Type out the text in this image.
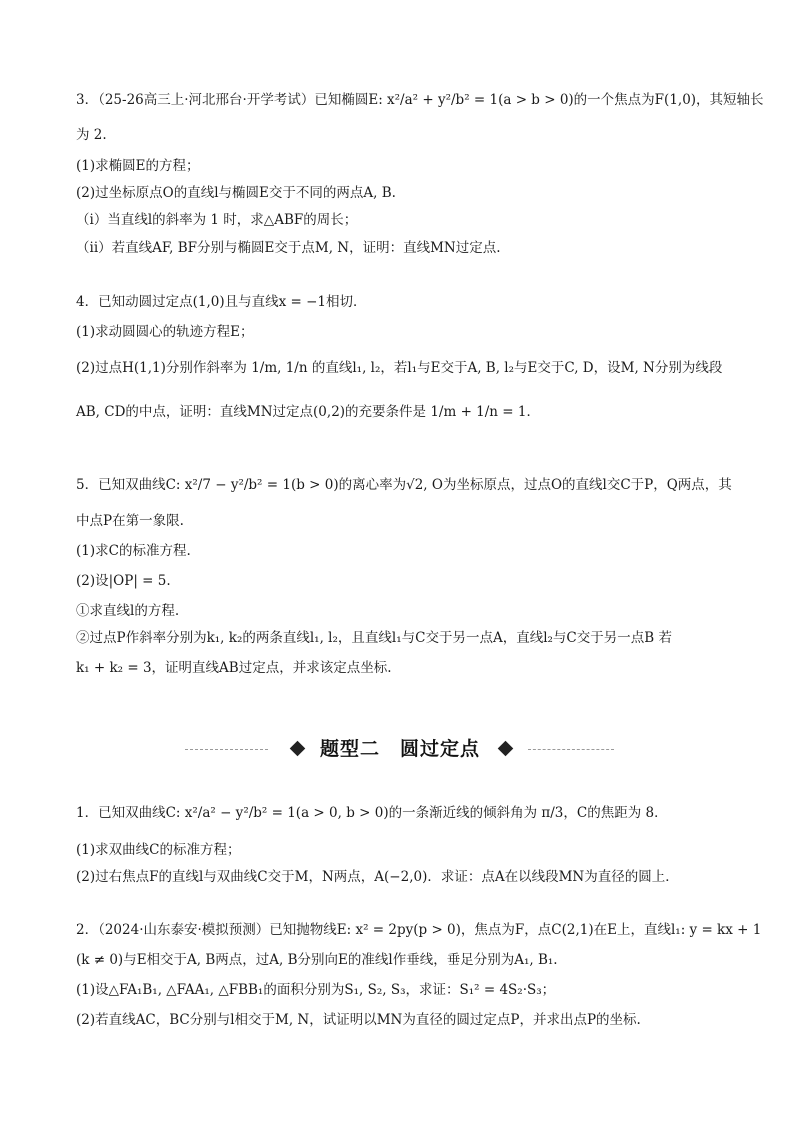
3．（25-26高三上·河北邢台·开学考试）已知椭圆E: x²/a² + y²/b² = 1(a > b > 0)的一个焦点为F(1,0)，其短轴长
为 2.
(1)求椭圆E的方程；
(2)过坐标原点O的直线l与椭圆E交于不同的两点A, B.
（i）当直线l的斜率为 1 时，求△ABF的周长；
（ii）若直线AF, BF分别与椭圆E交于点M, N，证明：直线MN过定点.
4．已知动圆过定点(1,0)且与直线x = −1相切．
(1)求动圆圆心的轨迹方程E；
(2)过点H(1,1)分别作斜率为 1/m, 1/n 的直线l₁, l₂，若l₁与E交于A, B, l₂与E交于C, D，设M, N分别为线段
AB, CD的中点，证明：直线MN过定点(0,2)的充要条件是 1/m + 1/n = 1．
5．已知双曲线C: x²/7 − y²/b² = 1(b > 0)的离心率为√2, O为坐标原点，过点O的直线l交C于P，Q两点，其
中点P在第一象限.
(1)求C的标准方程.
(2)设|OP| = 5.
①求直线l的方程.
②过点P作斜率分别为k₁, k₂的两条直线l₁, l₂，且直线l₁与C交于另一点A，直线l₂与C交于另一点B 若
k₁ + k₂ = 3，证明直线AB过定点，并求该定点坐标.
题型二　圆过定点
1．已知双曲线C: x²/a² − y²/b² = 1(a > 0, b > 0)的一条渐近线的倾斜角为 π/3，C的焦距为 8．
(1)求双曲线C的标准方程；
(2)过右焦点F的直线l与双曲线C交于M，N两点，A(−2,0)．求证：点A在以线段MN为直径的圆上．
2．（2024·山东泰安·模拟预测）已知抛物线E: x² = 2py(p > 0)，焦点为F，点C(2,1)在E上，直线l₁: y = kx + 1
(k ≠ 0)与E相交于A, B两点，过A, B分别向E的准线l作垂线，垂足分别为A₁, B₁.
(1)设△FA₁B₁, △FAA₁, △FBB₁的面积分别为S₁, S₂, S₃，求证：S₁² = 4S₂·S₃；
(2)若直线AC，BC分别与l相交于M, N，试证明以MN为直径的圆过定点P，并求出点P的坐标.
